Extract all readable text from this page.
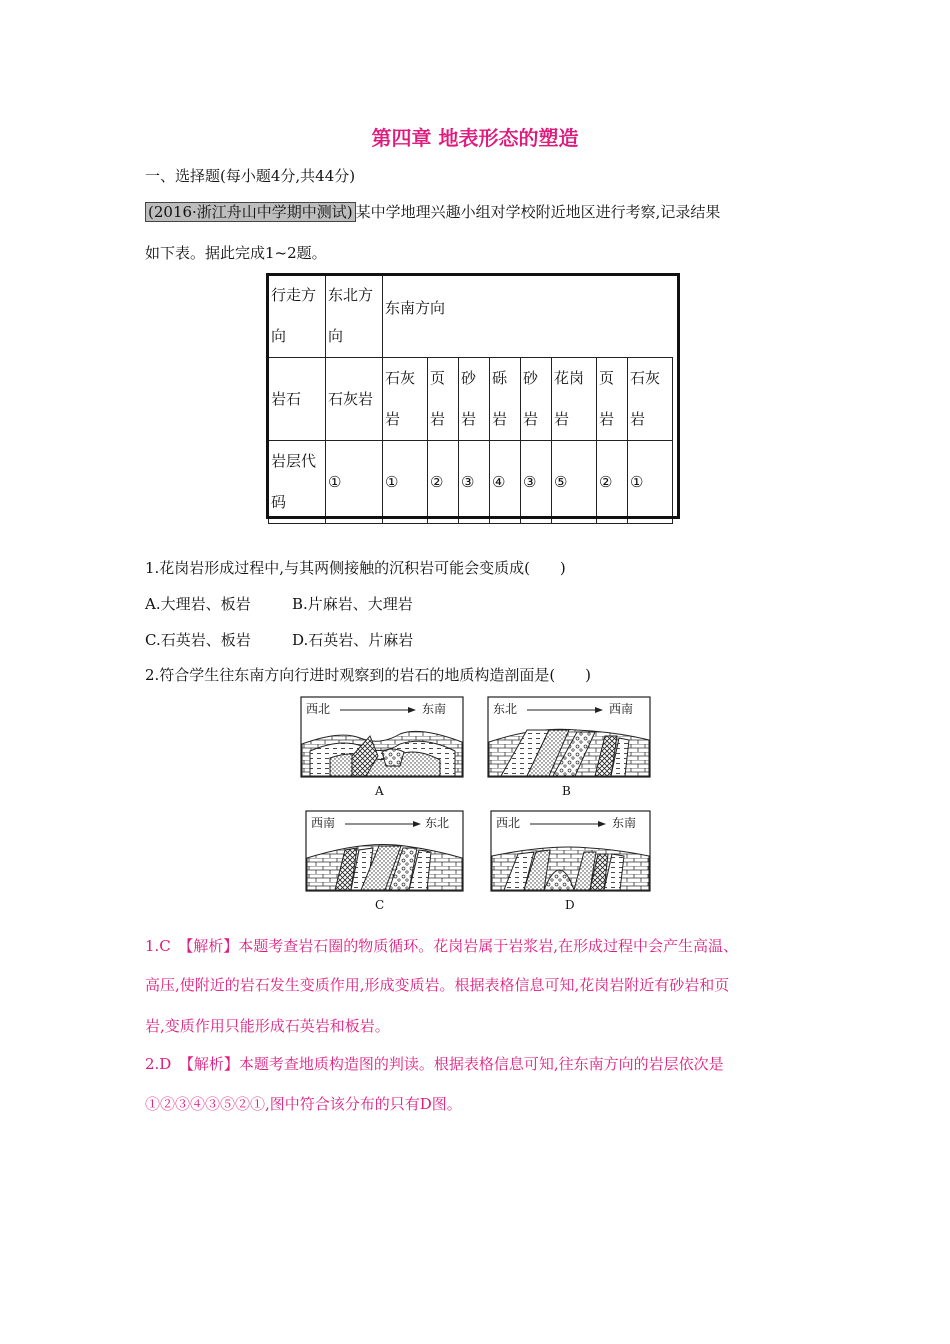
第四章 地表形态的塑造
一、选择题(每小题4分,共44分)
(2016·浙江舟山中学期中测试) 某中学地理兴趣小组对学校附近地区进行考察,记录结果
如下表。据此完成1~2题。
行走方向	东北方向	东南方向							
岩石	石灰岩	石灰岩	页岩	砂岩	砾岩	砂岩	花岗岩	页岩	石灰岩
岩层代码	①	①	②	③	④	③	⑤	②	①
1.花岗岩形成过程中,与其两侧接触的沉积岩可能会变质成(　　)
A.大理岩、板岩	B.片麻岩、大理岩
C.石英岩、板岩	D.石英岩、片麻岩
2.符合学生往东南方向行进时观察到的岩石的地质构造剖面是(　　)
西北	东南
A
东北	西南
B
西南	东北
C
西北	东南
D
1.C　【解析】本题考查岩石圈的物质循环。花岗岩属于岩浆岩,在形成过程中会产生高温、
高压,使附近的岩石发生变质作用,形成变质岩。根据表格信息可知,花岗岩附近有砂岩和页
岩,变质作用只能形成石英岩和板岩。
2.D　【解析】本题考查地质构造图的判读。根据表格信息可知,往东南方向的岩层依次是
①②③④③⑤②①,图中符合该分布的只有D图。
